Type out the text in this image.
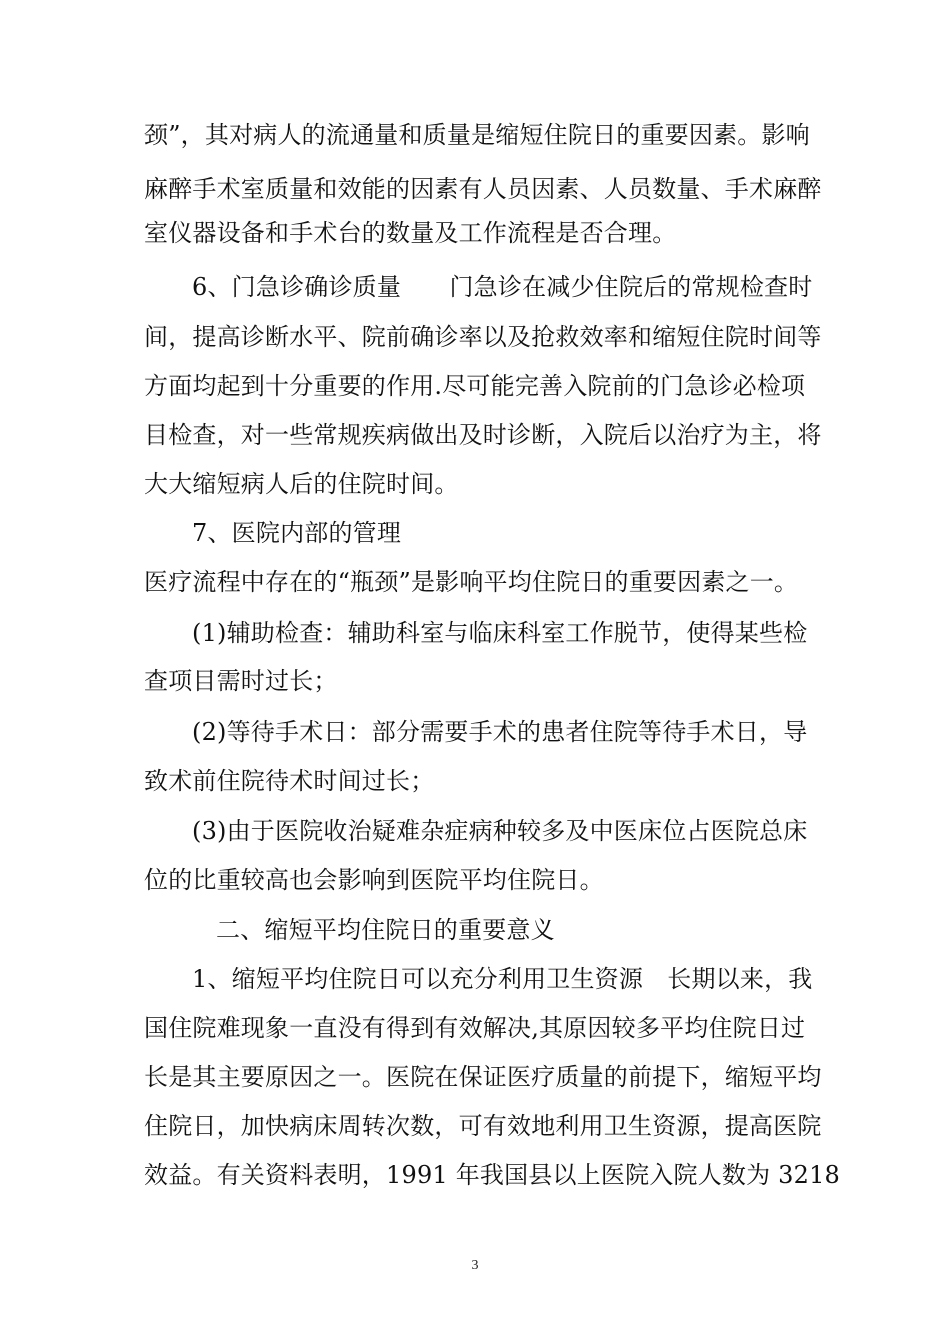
颈”，其对病人的流通量和质量是缩短住院日的重要因素。影响
麻醉手术室质量和效能的因素有人员因素、人员数量、手术麻醉
室仪器设备和手术台的数量及工作流程是否合理。
6、门急诊确诊质量　　门急诊在减少住院后的常规检查时
间，提高诊断水平、院前确诊率以及抢救效率和缩短住院时间等
方面均起到十分重要的作用.尽可能完善入院前的门急诊必检项
目检查，对一些常规疾病做出及时诊断，入院后以治疗为主，将
大大缩短病人后的住院时间。
7、医院内部的管理
医疗流程中存在的“瓶颈”是影响平均住院日的重要因素之一。
(1)辅助检查：辅助科室与临床科室工作脱节，使得某些检
查项目需时过长；
(2)等待手术日：部分需要手术的患者住院等待手术日，导
致术前住院待术时间过长；
(3)由于医院收治疑难杂症病种较多及中医床位占医院总床
位的比重较高也会影响到医院平均住院日。
二、缩短平均住院日的重要意义
1、缩短平均住院日可以充分利用卫生资源　长期以来，我
国住院难现象一直没有得到有效解决,其原因较多平均住院日过
长是其主要原因之一。医院在保证医疗质量的前提下，缩短平均
住院日，加快病床周转次数，可有效地利用卫生资源，提高医院
效益。有关资料表明，1991 年我国县以上医院入院人数为 3218
3
